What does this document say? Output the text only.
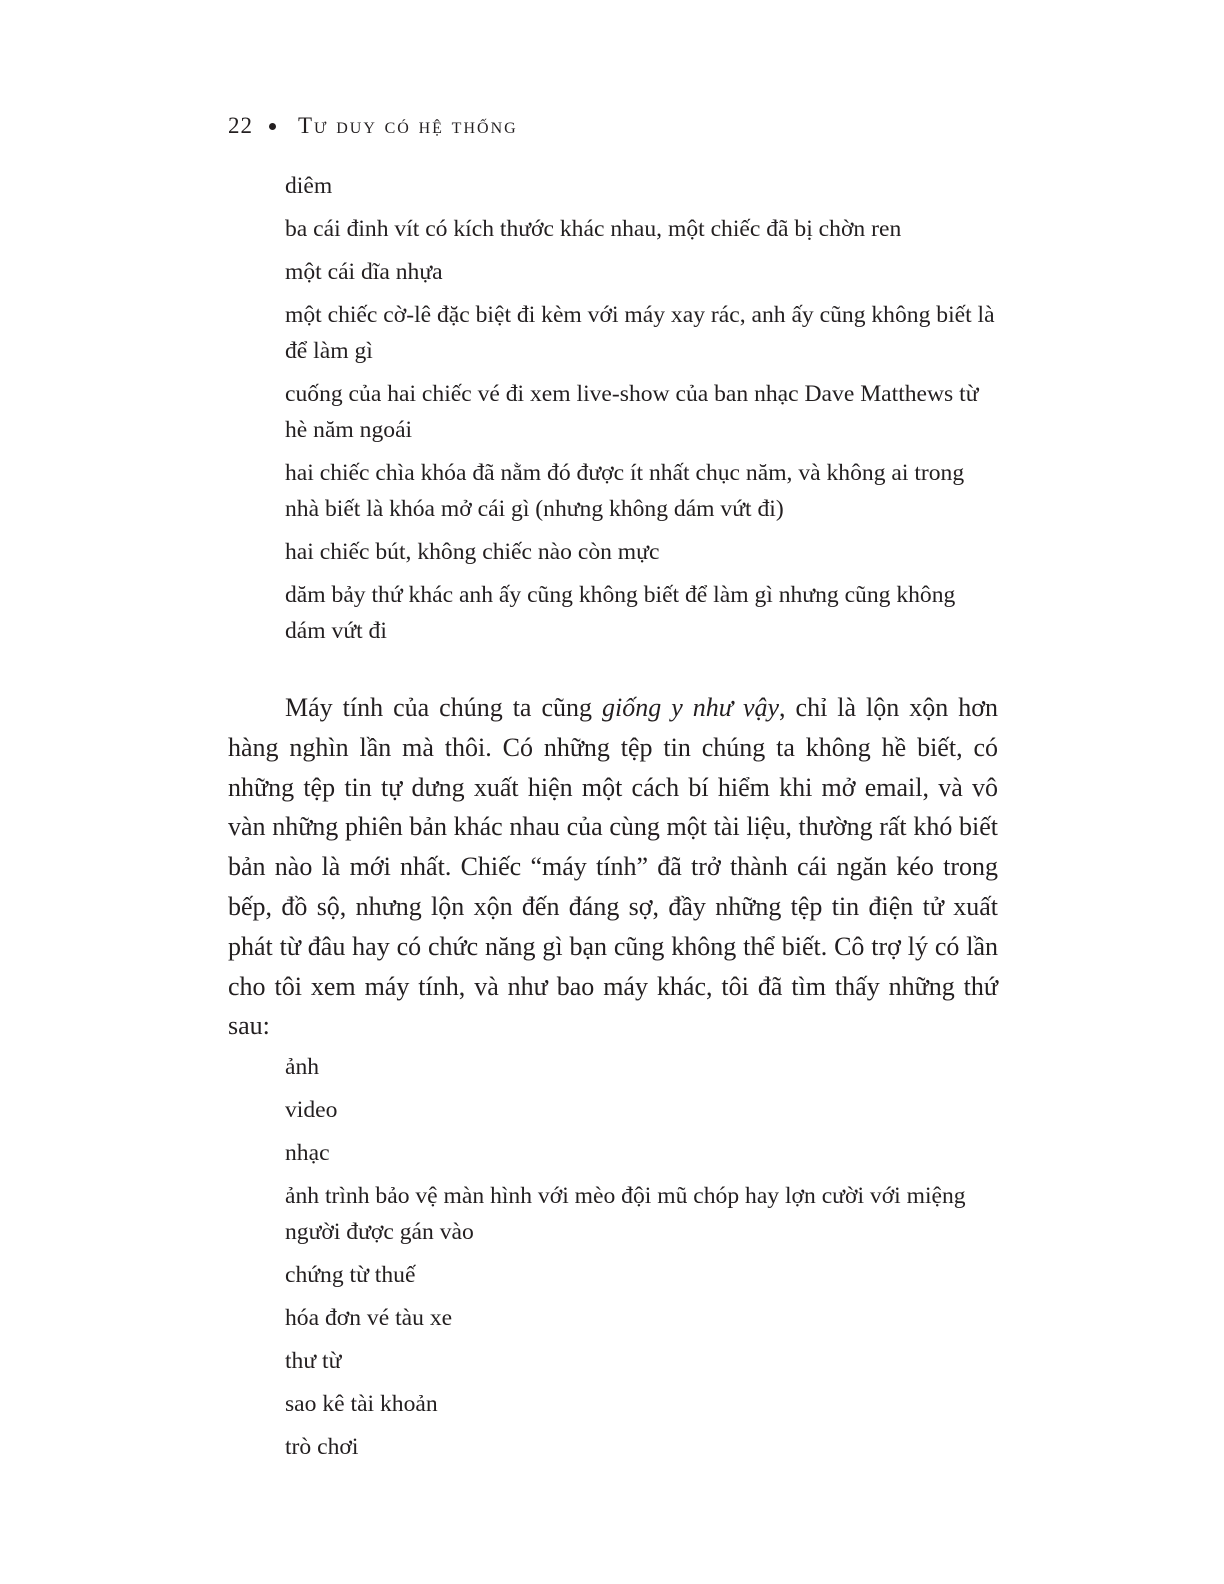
22 Tư duy có hệ thống
diêm
ba cái đinh vít có kích thước khác nhau, một chiếc đã bị chờn ren
một cái dĩa nhựa
một chiếc cờ-lê đặc biệt đi kèm với máy xay rác, anh ấy cũng không biết là để làm gì
cuống của hai chiếc vé đi xem live-show của ban nhạc Dave Matthews từ hè năm ngoái
hai chiếc chìa khóa đã nằm đó được ít nhất chục năm, và không ai trong nhà biết là khóa mở cái gì (nhưng không dám vứt đi)
hai chiếc bút, không chiếc nào còn mực
dăm bảy thứ khác anh ấy cũng không biết để làm gì nhưng cũng không dám vứt đi

Máy tính của chúng ta cũng giống y như vậy, chỉ là lộn xộn hơn hàng nghìn lần mà thôi. Có những tệp tin chúng ta không hề biết, có những tệp tin tự dưng xuất hiện một cách bí hiểm khi mở email, và vô vàn những phiên bản khác nhau của cùng một tài liệu, thường rất khó biết bản nào là mới nhất. Chiếc “máy tính” đã trở thành cái ngăn kéo trong bếp, đồ sộ, nhưng lộn xộn đến đáng sợ, đầy những tệp tin điện tử xuất phát từ đâu hay có chức năng gì bạn cũng không thể biết. Cô trợ lý có lần cho tôi xem máy tính, và như bao máy khác, tôi đã tìm thấy những thứ sau:

ảnh
video
nhạc
ảnh trình bảo vệ màn hình với mèo đội mũ chóp hay lợn cười với miệng người được gán vào
chứng từ thuế
hóa đơn vé tàu xe
thư từ
sao kê tài khoản
trò chơi
